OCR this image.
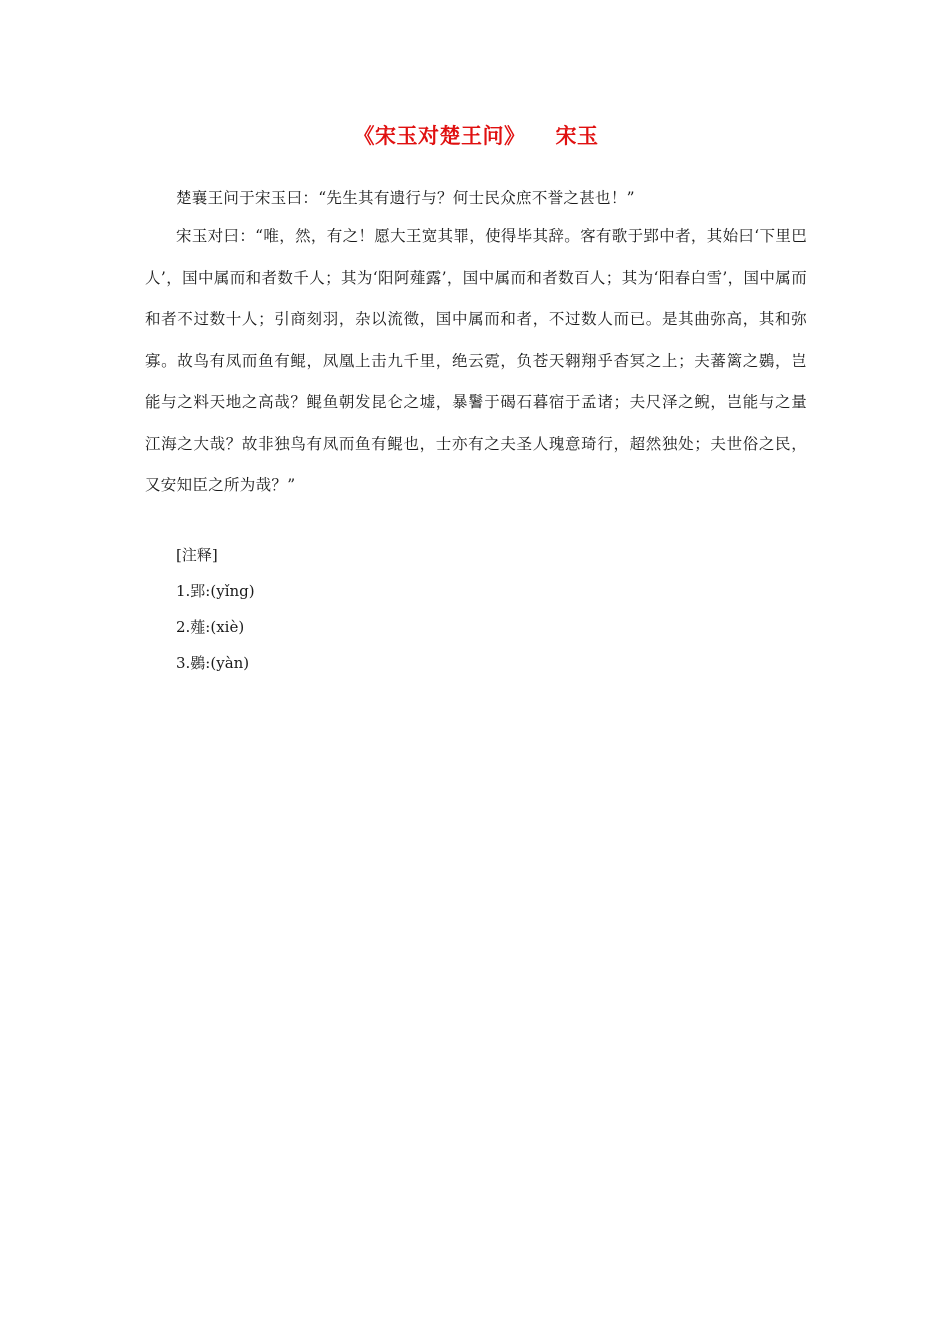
《宋玉对楚王问》 宋玉

楚襄王问于宋玉曰：“先生其有遗行与？何士民众庶不誉之甚也！”

宋玉对曰：“唯，然，有之！愿大王宽其罪，使得毕其辞。客有歌于郢中者，其始曰‘下里巴人’，国中属而和者数千人；其为‘阳阿薤露’，国中属而和者数百人；其为‘阳春白雪’，国中属而和者不过数十人；引商刻羽，杂以流徵，国中属而和者，不过数人而已。是其曲弥高，其和弥寡。故鸟有凤而鱼有鲲，凤凰上击九千里，绝云霓，负苍天翱翔乎杳冥之上；夫蕃篱之鷃，岂能与之料天地之高哉？鲲鱼朝发昆仑之墟，暴鬐于碣石暮宿于孟诸；夫尺泽之鲵，岂能与之量江海之大哉？故非独鸟有凤而鱼有鲲也，士亦有之夫圣人瑰意琦行，超然独处；夫世俗之民，又安知臣之所为哉？”

[注释]
1.郢:(yǐng)
2.薤:(xiè)
3.鷃:(yàn)
